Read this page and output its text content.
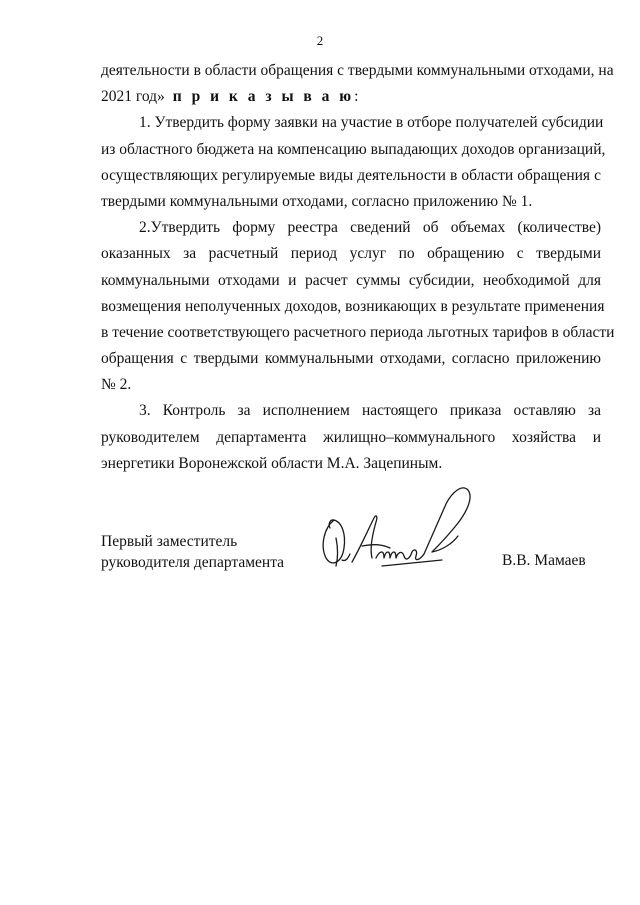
2
деятельности в области обращения с твердыми коммунальными отходами, на
2021 год» п р и к а з ы в а ю:
1. Утвердить форму заявки на участие в отборе получателей субсидии
из областного бюджета на компенсацию выпадающих доходов организаций,
осуществляющих регулируемые виды деятельности в области обращения с
твердыми коммунальными отходами, согласно приложению № 1.
2.Утвердить форму реестра сведений об объемах (количестве)
оказанных за расчетный период услуг по обращению с твердыми
коммунальными отходами и расчет суммы субсидии, необходимой для
возмещения неполученных доходов, возникающих в результате применения
в течение соответствующего расчетного периода льготных тарифов в области
обращения с твердыми коммунальными отходами, согласно приложению
№ 2.
3. Контроль за исполнением настоящего приказа оставляю за
руководителем департамента жилищно–коммунального хозяйства и
энергетики Воронежской области М.А. Зацепиным.
Первый заместитель
руководителя департамента	В.В. Мамаев
